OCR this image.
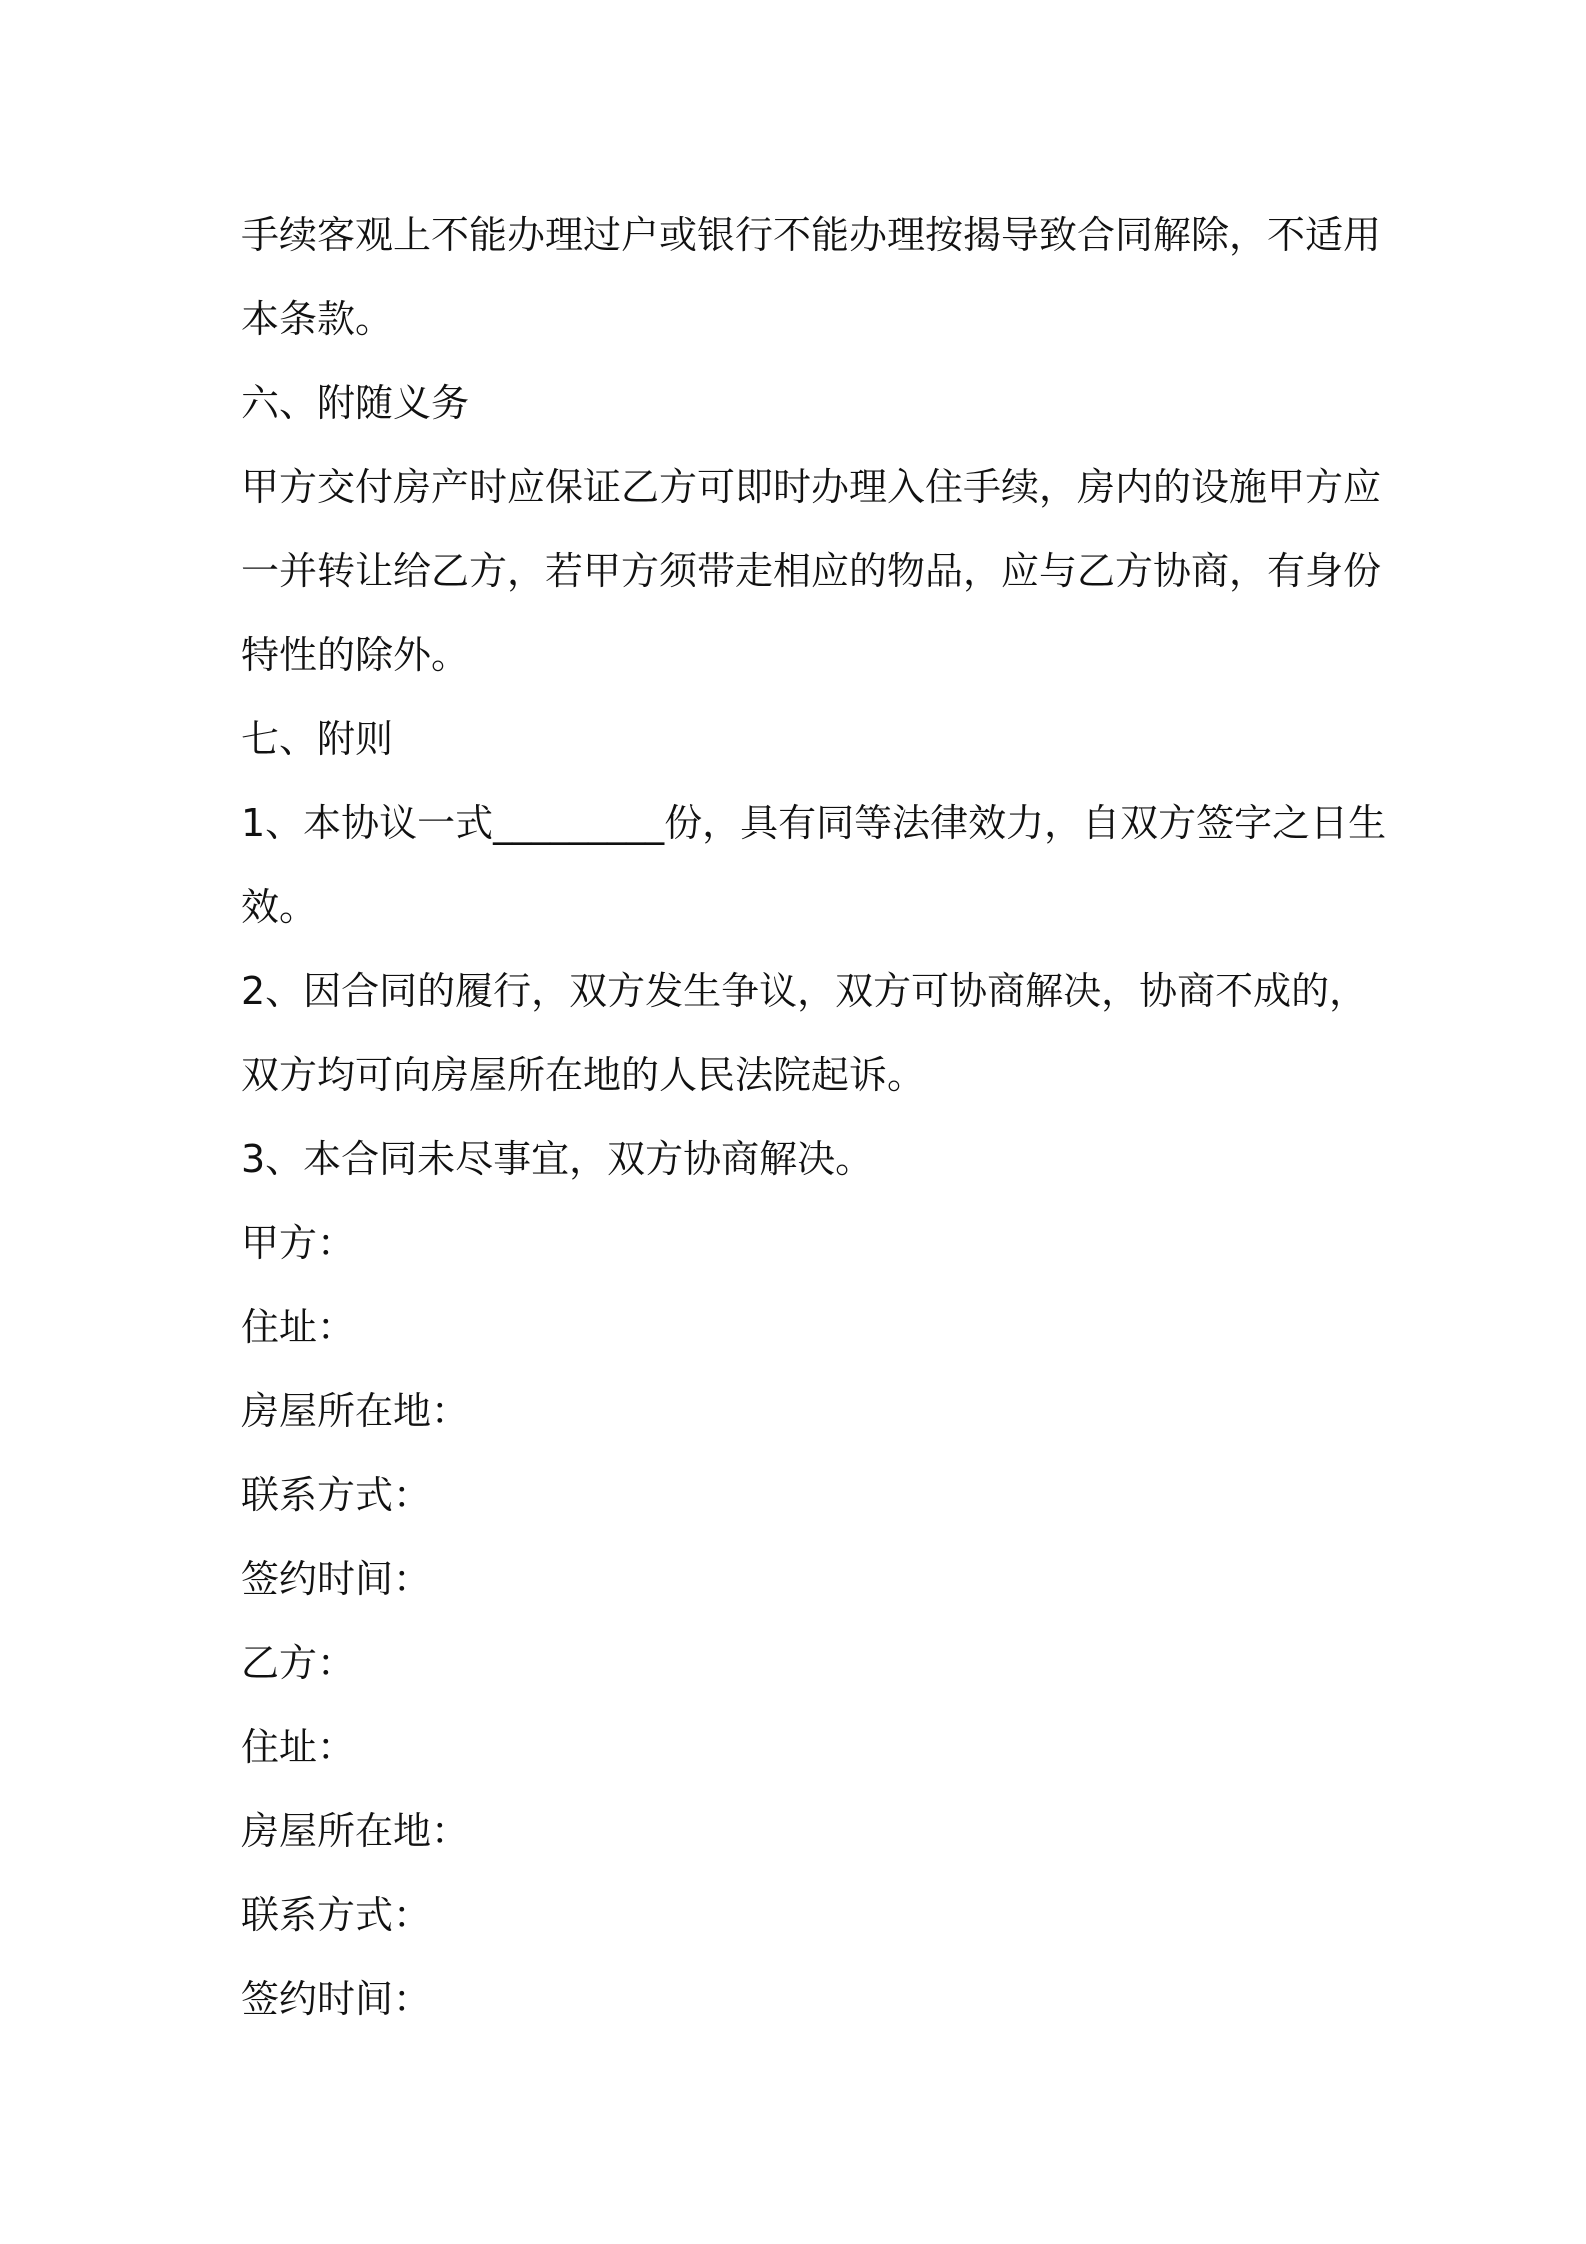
手续客观上不能办理过户或银行不能办理按揭导致合同解除，不适用
本条款。
六、附随义务
甲方交付房产时应保证乙方可即时办理入住手续，房内的设施甲方应
一并转让给乙方，若甲方须带走相应的物品，应与乙方协商，有身份
特性的除外。
七、附则
1、本协议一式_________份，具有同等法律效力，自双方签字之日生
效。
2、因合同的履行，双方发生争议，双方可协商解决，协商不成的，
双方均可向房屋所在地的人民法院起诉。
3、本合同未尽事宜，双方协商解决。
甲方：
住址：
房屋所在地：
联系方式：
签约时间：
乙方：
住址：
房屋所在地：
联系方式：
签约时间：
